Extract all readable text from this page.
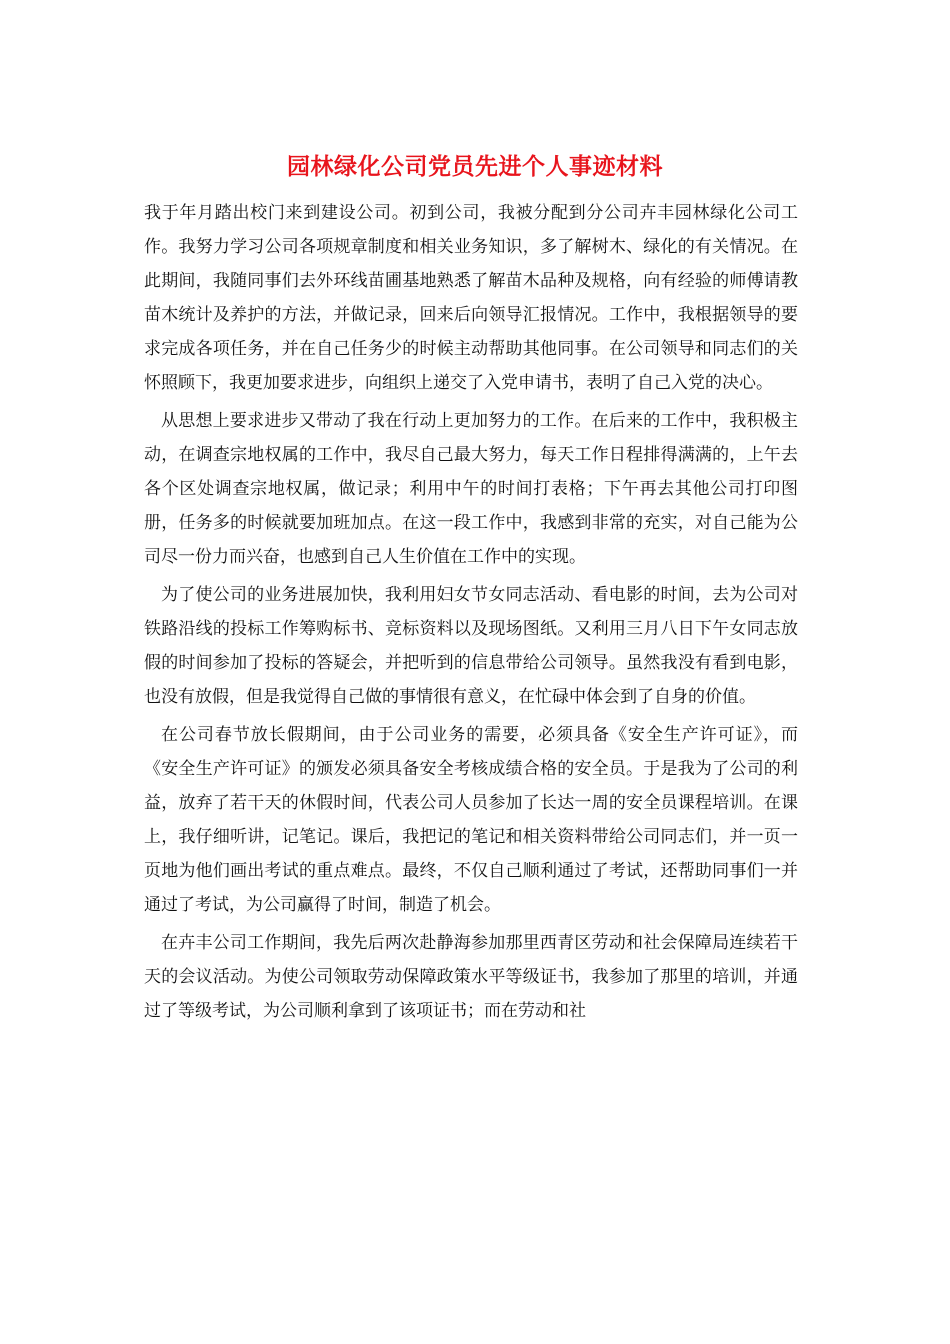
园林绿化公司党员先进个人事迹材料

我于年月踏出校门来到建设公司。初到公司，我被分配到分公司卉丰园林绿化公司工作。我努力学习公司各项规章制度和相关业务知识，多了解树木、绿化的有关情况。在此期间，我随同事们去外环线苗圃基地熟悉了解苗木品种及规格，向有经验的师傅请教苗木统计及养护的方法，并做记录，回来后向领导汇报情况。工作中，我根据领导的要求完成各项任务，并在自己任务少的时候主动帮助其他同事。在公司领导和同志们的关怀照顾下，我更加要求进步，向组织上递交了入党申请书，表明了自己入党的决心。

从思想上要求进步又带动了我在行动上更加努力的工作。在后来的工作中，我积极主动，在调查宗地权属的工作中，我尽自己最大努力，每天工作日程排得满满的，上午去各个区处调查宗地权属，做记录；利用中午的时间打表格；下午再去其他公司打印图册，任务多的时候就要加班加点。在这一段工作中，我感到非常的充实，对自己能为公司尽一份力而兴奋，也感到自己人生价值在工作中的实现。

为了使公司的业务进展加快，我利用妇女节女同志活动、看电影的时间，去为公司对铁路沿线的投标工作筹购标书、竞标资料以及现场图纸。又利用三月八日下午女同志放假的时间参加了投标的答疑会，并把听到的信息带给公司领导。虽然我没有看到电影，也没有放假，但是我觉得自己做的事情很有意义，在忙碌中体会到了自身的价值。

在公司春节放长假期间，由于公司业务的需要，必须具备《安全生产许可证》，而《安全生产许可证》的颁发必须具备安全考核成绩合格的安全员。于是我为了公司的利益，放弃了若干天的休假时间，代表公司人员参加了长达一周的安全员课程培训。在课上，我仔细听讲，记笔记。课后，我把记的笔记和相关资料带给公司同志们，并一页一页地为他们画出考试的重点难点。最终，不仅自己顺利通过了考试，还帮助同事们一并通过了考试，为公司赢得了时间，制造了机会。

在卉丰公司工作期间，我先后两次赴静海参加那里西青区劳动和社会保障局连续若干天的会议活动。为使公司领取劳动保障政策水平等级证书，我参加了那里的培训，并通过了等级考试，为公司顺利拿到了该项证书；而在劳动和社
